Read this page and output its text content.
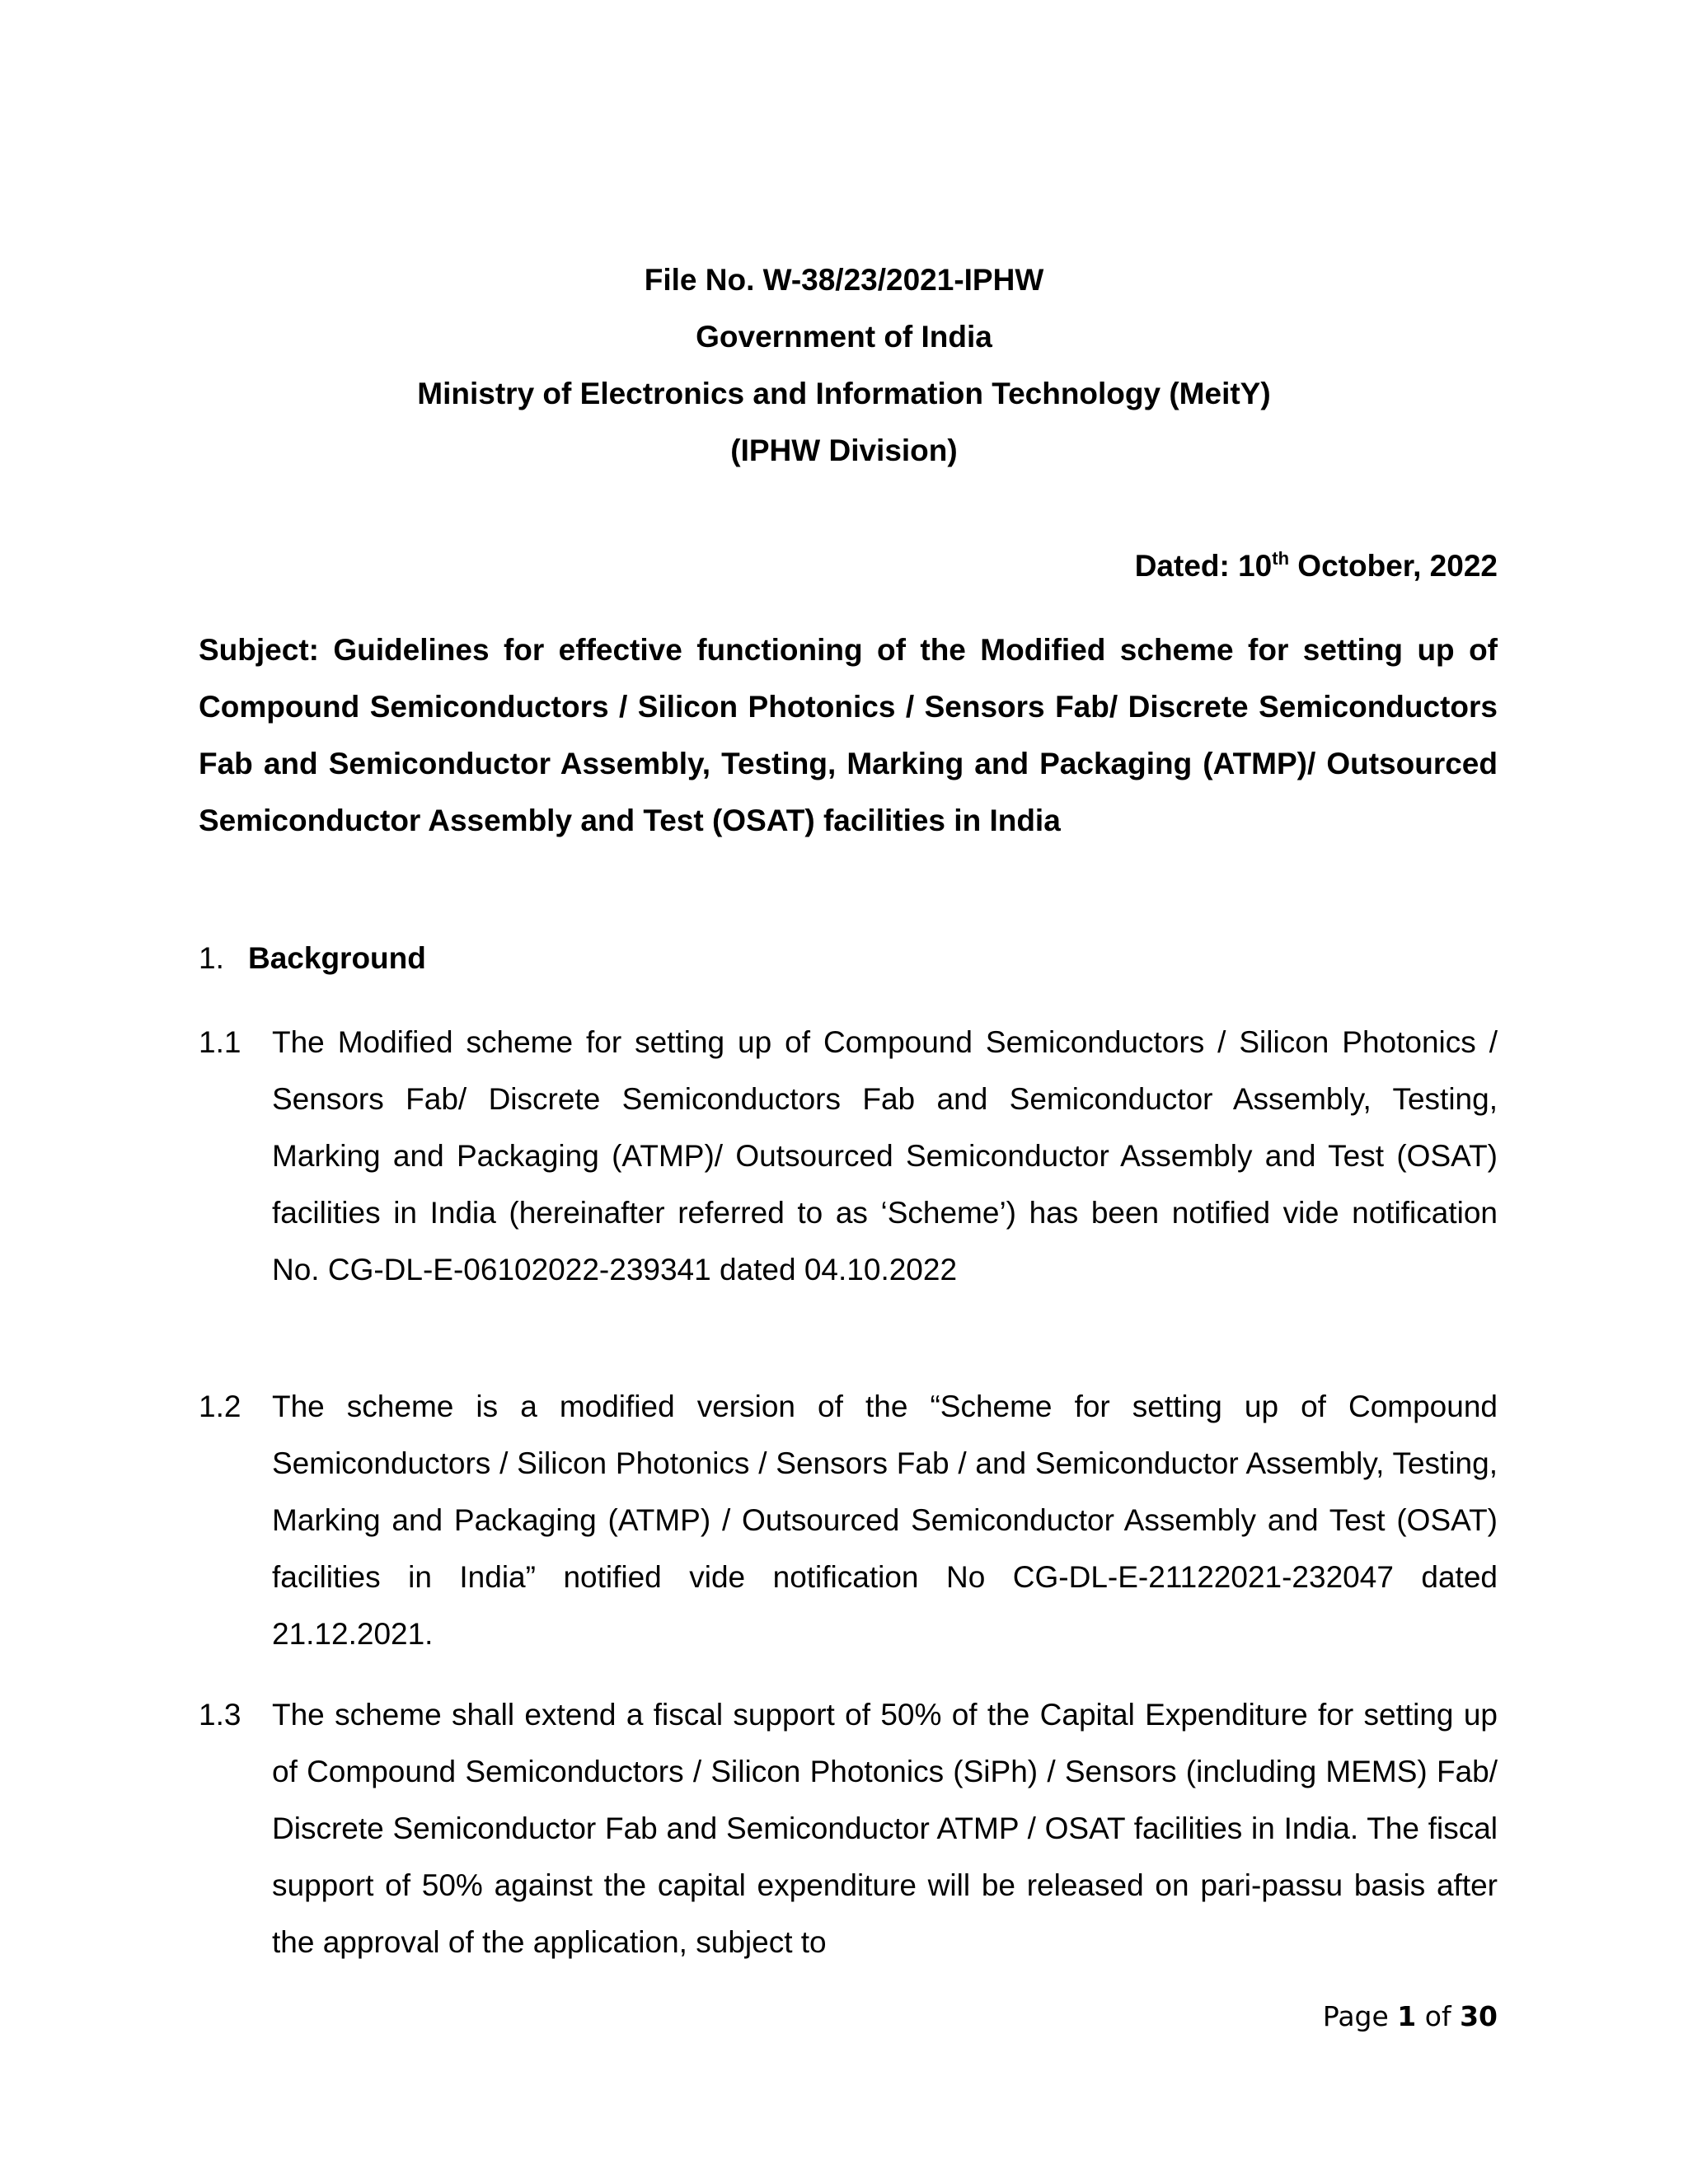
File No. W-38/23/2021-IPHW
Government of India
Ministry of Electronics and Information Technology (MeitY)
(IPHW Division)
Dated: 10th October, 2022
Subject: Guidelines for effective functioning of the Modified scheme for setting up of Compound Semiconductors / Silicon Photonics / Sensors Fab/ Discrete Semiconductors Fab and Semiconductor Assembly, Testing, Marking and Packaging (ATMP)/ Outsourced Semiconductor Assembly and Test (OSAT) facilities in India
1. Background
1.1 The Modified scheme for setting up of Compound Semiconductors / Silicon Photonics / Sensors Fab/ Discrete Semiconductors Fab and Semiconductor Assembly, Testing, Marking and Packaging (ATMP)/ Outsourced Semiconductor Assembly and Test (OSAT) facilities in India (hereinafter referred to as ‘Scheme’) has been notified vide notification No. CG-DL-E-06102022-239341 dated 04.10.2022
1.2 The scheme is a modified version of the “Scheme for setting up of Compound Semiconductors / Silicon Photonics / Sensors Fab / and Semiconductor Assembly, Testing, Marking and Packaging (ATMP) / Outsourced Semiconductor Assembly and Test (OSAT) facilities in India” notified vide notification No CG-DL-E-21122021-232047 dated 21.12.2021.
1.3 The scheme shall extend a fiscal support of 50% of the Capital Expenditure for setting up of Compound Semiconductors / Silicon Photonics (SiPh) / Sensors (including MEMS) Fab/ Discrete Semiconductor Fab and Semiconductor ATMP / OSAT facilities in India. The fiscal support of 50% against the capital expenditure will be released on pari-passu basis after the approval of the application, subject to
Page 1 of 30
